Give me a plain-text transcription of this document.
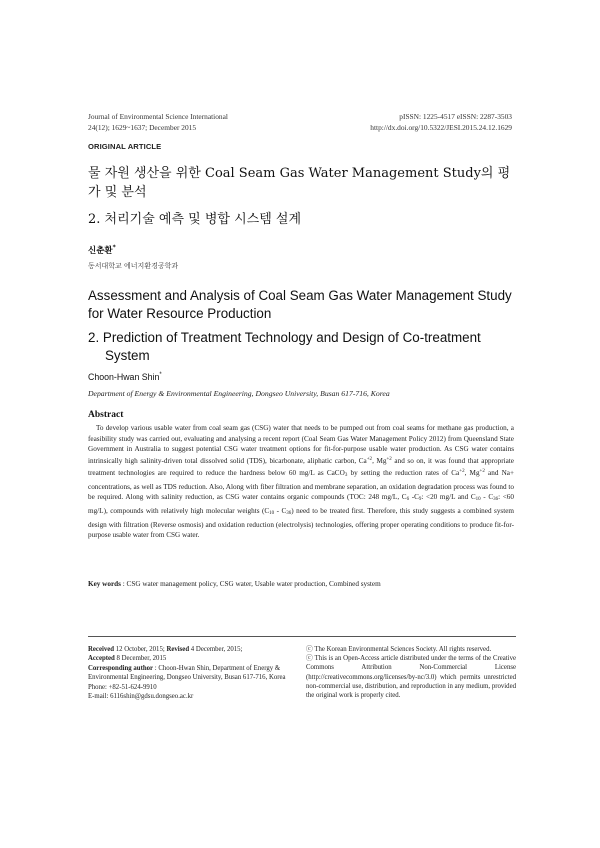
Journal of Environmental Science International
24(12); 1629~1637; December 2015
pISSN: 1225-4517 eISSN: 2287-3503
http://dx.doi.org/10.5322/JESI.2015.24.12.1629
ORIGINAL ARTICLE
물 자원 생산을 위한 Coal Seam Gas Water Management Study의 평가 및 분석
2. 처리기술 예측 및 병합 시스템 설계
신춘환*
동서대학교 에너지환경공학과
Assessment and Analysis of Coal Seam Gas Water Management Study for Water Resource Production
2. Prediction of Treatment Technology and Design of Co-treatment
System
Choon-Hwan Shin*
Department of Energy & Environmental Engineering, Dongseo University, Busan 617-716, Korea
Abstract
To develop various usable water from coal seam gas (CSG) water that needs to be pumped out from coal seams for methane gas production, a feasibility study was carried out, evaluating and analysing a recent report (Coal Seam Gas Water Management Policy 2012) from Queensland State Government in Australia to suggest potential CSG water treatment options for fit-for-purpose usable water production. As CSG water contains intrinsically high salinity-driven total dissolved solid (TDS), bicarbonate, aliphatic carbon, $Ca^{+2}$, $Mg^{+2}$ and so on, it was found that appropriate treatment technologies are required to reduce the hardness below 60 mg/L as CaCO$_3$ by setting the reduction rates of $Ca^{+2}$, $Mg^{+2}$ and Na+ concentrations, as well as TDS reduction. Also, Along with fiber filtration and membrane separation, an oxidation degradation process was found to be required. Along with salinity reduction, as CSG water contains organic compounds (TOC: 248 mg/L, $C_6$ $-C_9$: <20 mg/L and $C_{10} - C_{36}$: <60 mg/L), compounds with relatively high molecular weights $(C_{10} - C_{36})$ need to be treated first. Therefore, this study suggests a combined system design with filtration (Reverse osmosis) and oxidation reduction (electrolysis) technologies, offering proper operating conditions to produce fit-for-purpose usable water from CSG water.
Key words : CSG water management policy, CSG water, Usable water production, Combined system
Received 12 October, 2015; Revised 4 December, 2015;
Accepted 8 December, 2015
Corresponding author : Choon-Hwan Shin, Department of Energy & Environmental Engineering, Dongseo University, Busan 617-716, Korea
Phone: +82-51-624-9910
E-mail: 6116shin@gdsu.dongseo.ac.kr
ⓒ The Korean Environmental Sciences Society. All rights reserved.
ⓒ This is an Open-Access article distributed under the terms of the Creative Commons Attribution Non-Commercial License (http://creativecommons.org/licenses/by-nc/3.0) which permits unrestricted non-commercial use, distribution, and reproduction in any medium, provided the original work is properly cited.
